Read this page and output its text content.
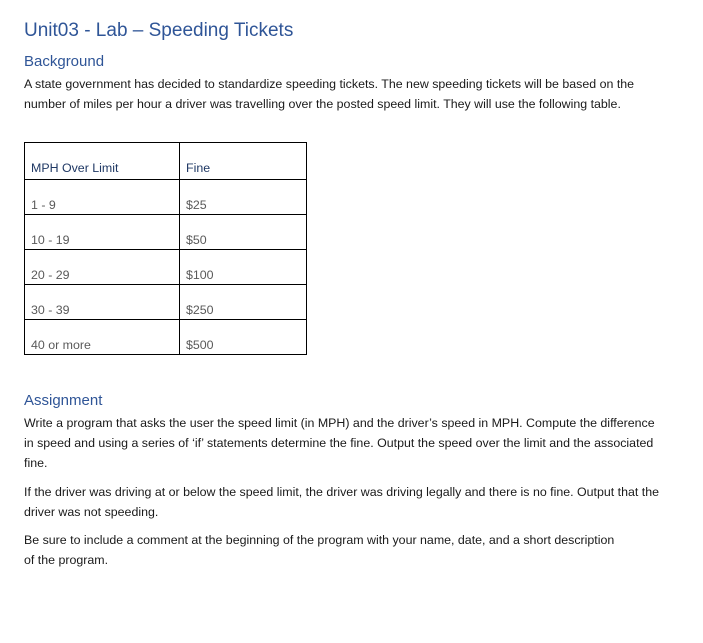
Unit03 - Lab – Speeding Tickets
Background

A state government has decided to standardize speeding tickets. The new speeding tickets will be based on the number of miles per hour a driver was travelling over the posted speed limit. They will use the following table.

MPH Over Limit	Fine
1 - 9	$25
10 - 19	$50
20 - 29	$100
30 - 39	$250
40 or more	$500
Assignment

Write a program that asks the user the speed limit (in MPH) and the driver’s speed in MPH. Compute the difference in speed and using a series of ‘if’ statements determine the fine. Output the speed over the limit and the associated fine.

If the driver was driving at or below the speed limit, the driver was driving legally and there is no fine. Output that the driver was not speeding.

Be sure to include a comment at the beginning of the program with your name, date, and a short description of the program.
